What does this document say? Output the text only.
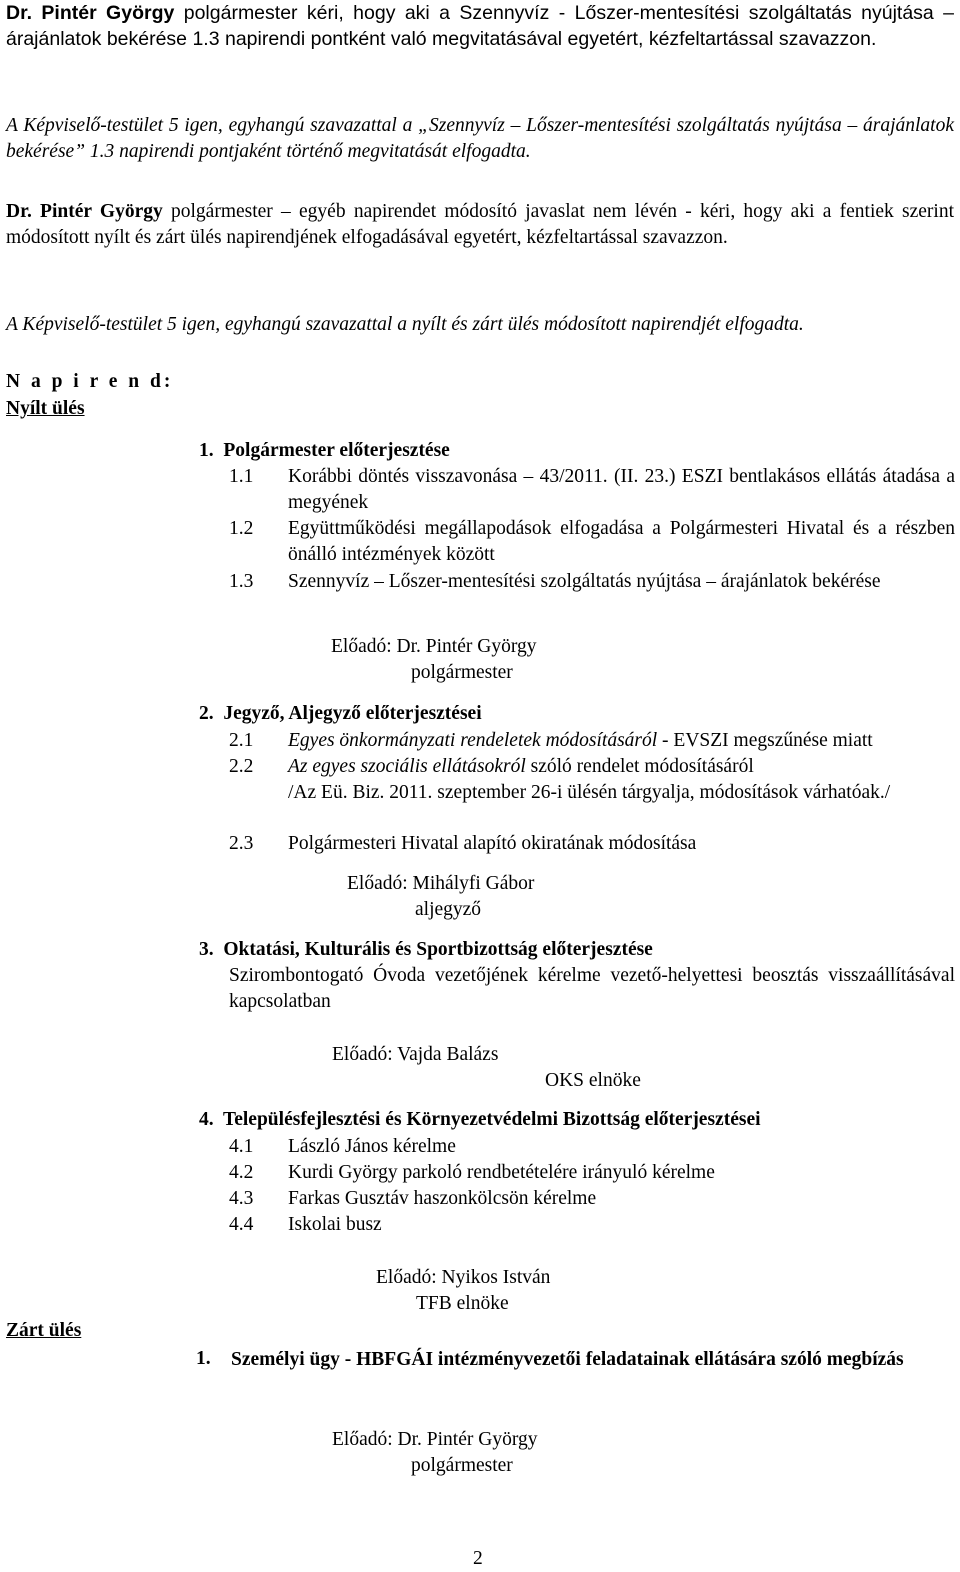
Dr. Pintér György polgármester kéri, hogy aki a Szennyvíz - Lőszer-mentesítési szolgáltatás nyújtása – árajánlatok bekérése 1.3 napirendi pontként való megvitatásával egyetért, kézfeltartással szavazzon.
A Képviselő-testület 5 igen, egyhangú szavazattal a „Szennyvíz – Lőszer-mentesítési szolgáltatás nyújtása – árajánlatok bekérése” 1.3 napirendi pontjaként történő megvitatását elfogadta.
Dr. Pintér György polgármester – egyéb napirendet módosító javaslat nem lévén - kéri, hogy aki a fentiek szerint módosított nyílt és zárt ülés napirendjének elfogadásával egyetért, kézfeltartással szavazzon.
A Képviselő-testület 5 igen, egyhangú szavazattal a nyílt és zárt ülés módosított napirendjét elfogadta.
N a p i r e n d:
Nyílt ülés
1.  Polgármester előterjesztése
1.1 Korábbi döntés visszavonása – 43/2011. (II. 23.) ESZI bentlakásos ellátás átadása a megyének
1.2 Együttműködési megállapodások elfogadása a Polgármesteri Hivatal és a részben önálló intézmények között
1.3 Szennyvíz – Lőszer-mentesítési szolgáltatás nyújtása – árajánlatok bekérése
Előadó: Dr. Pintér György
polgármester
2.  Jegyző, Aljegyző előterjesztései
2.1 Egyes önkormányzati rendeletek módosításáról - EVSZI megszűnése miatt
2.2 Az egyes szociális ellátásokról szóló rendelet módosításáról
/Az Eü. Biz. 2011. szeptember 26-i ülésén tárgyalja, módosítások várhatóak./
2.3 Polgármesteri Hivatal alapító okiratának módosítása
Előadó: Mihályfi Gábor
aljegyző
3.  Oktatási, Kulturális és Sportbizottság előterjesztése
Szirombontogató Óvoda vezetőjének kérelme vezető-helyettesi beosztás visszaállításával kapcsolatban
Előadó: Vajda Balázs
OKS elnöke
4.  Településfejlesztési és Környezetvédelmi Bizottság előterjesztései
4.1 László János kérelme
4.2 Kurdi György parkoló rendbetételére irányuló kérelme
4.3 Farkas Gusztáv haszonkölcsön kérelme
4.4 Iskolai busz
Előadó: Nyikos István
TFB elnöke
Zárt ülés
1. Személyi ügy - HBFGÁI intézményvezetői feladatainak ellátására szóló megbízás
Előadó: Dr. Pintér György
polgármester
2
